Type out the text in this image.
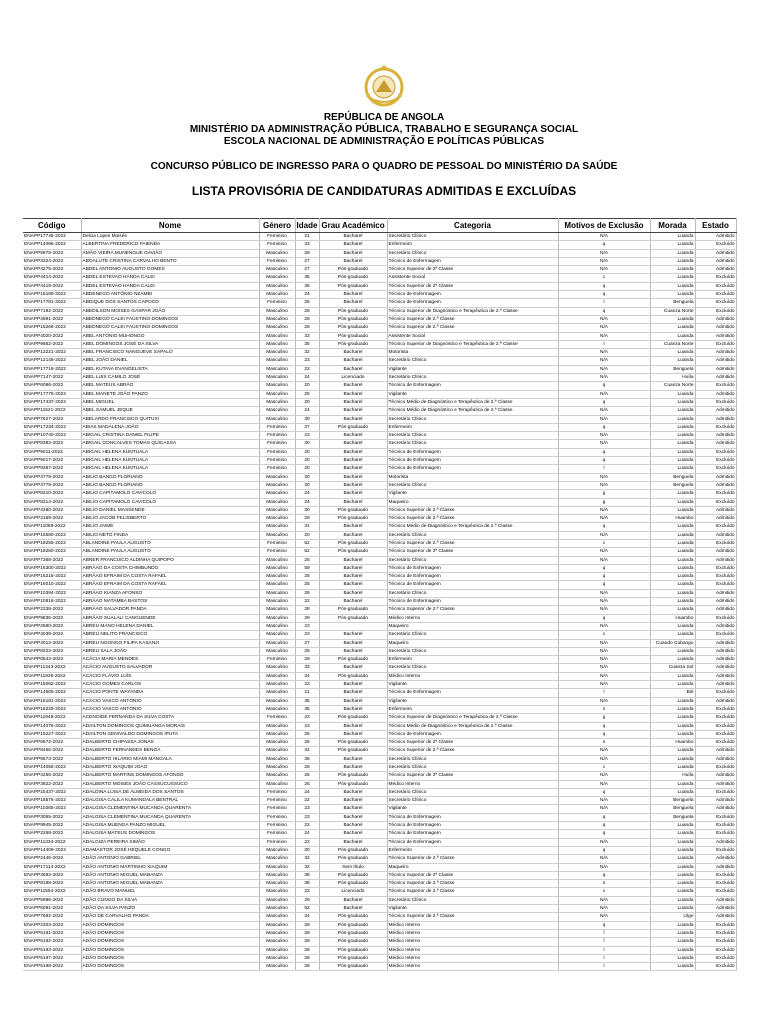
REPÚBLICA DE ANGOLA
MINISTÉRIO DA ADMINISTRAÇÃO PÚBLICA, TRABALHO E SEGURANÇA SOCIAL
ESCOLA NACIONAL DE ADMINISTRAÇÃO E POLÍTICAS PÚBLICAS
CONCURSO PÚBLICO DE INGRESSO PARA O QUADRO DE PESSOAL DO MINISTÉRIO DA SAÚDE
LISTA PROVISÓRIA DE CANDIDATURAS ADMITIDAS E EXCLUÍDAS
Código	Nome	Género	Idade	Grau Académico	Categoria	Motivos de Exclusão	Morada	Estado
ENAPP17745-2022	Delcia Lopes Moisés	Feminino	21	Bacharel	Secretário Clínico	N/A	Luanda	Admitido
ENAPP14086-2022	ALBERTINA FREDERICO FAIENDA	Feminino	33	Bacharel	Enfermeiro	q	Luanda	Excluído
ENAPP9978-2022	AMÃO VIEIRA MUNENGUE GAVIÃO	Masculino	28	Bacharel	Secretário Clínico	N/A	Luanda	Admitido
ENAPP3324-2022	ABOALUTE CRISTINA CARVALHO BENTO	Feminino	27	Bacharel	Técnico de Enfermagem	N/A	Luanda	Admitido
ENAPP4275-2022	ABDEL ANTONIO AUGUSTO GOMES	Masculino	27	Pós-graduado	Técnico Superior de 2ª Classe	N/A	Luanda	Admitido
ENAPP4414-2022	ABDEL ESTEVAO HANDA CALEI	Masculino	35	Pós-graduado	Assistente Social	c	Luanda	Excluído
ENAPP4419-2022	ABDEL ESTEVAO HANDA CALEI	Masculino	35	Pós-graduado	Técnico Superior de 2ª Classe	q	Luanda	Excluído
ENAPP15189-2022	ABDENEGO ANTÓNIO NZAMBI	Masculino	24	Bacharel	Técnico de Enfermagem	q	Luanda	Excluído
ENAPP17781-2022	ABDIQUE DOS SANTOS CAPOCO	Feminino	25	Bacharel	Técnico de Enfermagem	l	Benguela	Excluído
ENAPP7192-2022	ABEDILSON MOISES GASPAR JOÃO	Masculino	28	Pós-graduado	Técnico Superior de Diagnóstico e Terapêutica de 2.ª Classe	q	Cuanza Norte	Excluído
ENAPP4891-2022	ABEDNEGO CALEI FAUSTINO DOMINGOS	Masculino	28	Pós-graduado	Técnico Superior de 2.ª Classe	N/A	Luanda	Admitido
ENAPP15266-2022	ABEDNEGO CALEI FAUSTINO DOMINGOS	Masculino	28	Pós-graduado	Técnico Superior de 2.ª Classe	N/A	Luanda	Admitido
ENAPP4020-2022	ABEL ANTÓNIO MUHONGO	Masculino	33	Pós-graduado	Assistente Social	N/A	Luanda	Admitido
ENAPP9662-2022	ABEL DOMINGOS JOSÉ DA SILVA	Masculino	35	Pós-graduado	Técnico Superior de Diagnóstico e Terapêutica de 2.ª Classe	l	Cuanza Norte	Excluído
ENAPP13221-2022	ABEL FRANCISCO NANGUEVE SAPALO	Masculino	32	Bacharel	Motorista	N/A	Luanda	Admitido
ENAPP12148-2022	ABEL JOÃO DANIEL	Masculino	23	Bacharel	Secretário Clínico	N/A	Luanda	Admitido
ENAPP17718-2022	ABEL KUTAVA EVANGELISTA	Masculino	22	Bacharel	Vigilante	N/A	Benguela	Admitido
ENAPP7147-2022	ABEL LUIS CAMILO JOSÉ	Masculino	24	Licenciado	Secretário Clínico	N/A	Huíla	Admitido
ENAPP6086-2022	ABEL MATEUS ABRÃO	Masculino	20	Bacharel	Técnico de Enfermagem	q	Cuanza Norte	Excluído
ENAPP17776-2022	ABEL MANETE JOÃO PANZO	Masculino	25	Bacharel	Vigilante	N/A	Luanda	Admitido
ENAPP17437-2022	ABEL MIGUEL	Masculino	20	Bacharel	Técnico Médio de Diagnóstico e Terapêutica de 2.ª Classe	q	Luanda	Excluído
ENAPP11521-2022	ABEL SAMUEL JEQUE	Masculino	24	Bacharel	Técnico Médio de Diagnóstico e Terapêutica de 2.ª Classe	N/A	Luanda	Admitido
ENAPP7627-2022	ABELARDO FRANCISCO QUITUXI	Masculino	30	Bacharel	Secretário Clínico	N/A	Luanda	Admitido
ENAPP17234-2022	ABIAS MADALENA JOÃO	Feminino	37	Pós-graduado	Enfermeiro	q	Luanda	Excluído
ENAPP10740-2022	ABIGAIL CRISTINA DANIEL FILIPE	Feminino	23	Bacharel	Secretário Clínico	N/A	Luanda	Admitido
ENAPP8382-2022	ABIGAIL GONCALVES TOMAS QUICASSA	Feminino	30	Bacharel	Secretário Clínico	N/A	Luanda	Admitido
ENAPP9011-2022	ABIGAIL HELENA KUNTUALA	Feminino	20	Bacharel	Técnico de Enfermagem	q	Luanda	Excluído
ENAPP9017-2022	ABIGAIL HELENA KUNTUALA	Feminino	20	Bacharel	Técnico de Enfermagem	q	Luanda	Excluído
ENAPP9367-2022	ABIGAIL HELENA KUNTUALA	Feminino	20	Bacharel	Técnico de Enfermagem	l	Luanda	Excluído
ENAPP3779-2022	ABILIO BANGO FLORIANO	Masculino	30	Bacharel	Motorista	N/A	Benguela	Admitido
ENAPP3779-2022	ABILIO BANGO FLORIANO	Masculino	30	Bacharel	Secretário Clínico	N/A	Benguela	Admitido
ENAPP8310-2022	ABILIO CAPITAMOLO CAVICOLO	Masculino	24	Bacharel	Vigilante	g	Luanda	Excluído
ENAPP8314-2022	ABILIO CAPITAMOLO CAVICOLO	Masculino	24	Bacharel	Maqueiro	g	Luanda	Excluído
ENAPP4280-2022	ABILIO DANIEL MASSENDE	Masculino	30	Pós-graduado	Técnico Superior de 2.ª Classe	N/A	Luanda	Admitido
ENAPP3169-2022	ABILIO JACOB FELISBERTO	Masculino	29	Pós-graduado	Técnico Superior de 2.ª Classe	N/A	Huambo	Admitido
ENAPP11069-2022	ABILIO JAIME	Masculino	31	Bacharel	Técnico Médio de Diagnóstico e Terapêutica de 2.ª Classe	q	Luanda	Excluído
ENAPP15580-2022	ABILIO NETO FINDA	Masculino	20	Bacharel	Secretário Clínico	N/A	Luanda	Admitido
ENAPP18255-2022	ABLANDINE PAULA AUGUSTO	Feminino	52	Pós-graduado	Técnico Superior de 2.ª Classe	c	Luanda	Excluído
ENAPP18260-2022	ABLANDINE PAULA AUGUSTO	Feminino	52	Pós-graduado	Técnico Superior de 2ª Classe	N/A	Luanda	Admitido
ENAPP7368-2022	ABNER FRANCISCO ALDINHA QUIPOPO	Masculino	25	Bacharel	Secretário Clínico	N/A	Luanda	Admitido
ENAPP16300-2022	ABRÃAO DA COSTA CHIMBUNDO	Masculino	59	Bacharel	Técnico de Enfermagem	q	Luanda	Excluído
ENAPP16215-2022	ABRÃAO EFRAIM DA COSTA RAFAEL	Masculino	25	Bacharel	Técnico de Enfermagem	q	Luanda	Excluído
ENAPP16010-2022	ABRÃAO EFRAIM DA COSTA RAFAEL	Masculino	25	Bacharel	Técnico de Enfermagem	q	Luanda	Excluído
ENAPP10394-2022	ABRÃAO KIANZA AFONSO	Masculino	26	Bacharel	Secretário Clínico	N/A	Luanda	Admitido
ENAPP10818-2022	ABRÃAO MATAMBA BASTOS	Masculino	22	Bacharel	Técnico de Enfermagem	N/A	Luanda	Admitido
ENAPP2338-2022	ABRÃAO SALVADOR PANDA	Masculino	28	Pós-graduado	Técnico Superior de 2.ª Classe	N/A	Luanda	Admitido
ENAPP9835-2022	ABRÃAO SUALALI CANGUENDE	Masculino	29	Pós-graduado	Médico Interno	q	Huambo	Excluído
ENAPP2590-2022	ABREU MANO HELENA DANIEL	Masculino	23		Maqueiro	N/A	Luanda	Admitido
ENAPP4039-2022	ABREU NELITO FRANCISCO	Masculino	23	Bacharel	Secretário Clínico	c	Luanda	Excluído
ENAPP4013-2022	ABREU NGONGO FILIPA KASANJI	Masculino	27	Bacharel	Maqueiro	N/A	Cuando Cubango	Admitido
ENAPP8223-2022	ABREU SALA JOÃO	Masculino	25	Bacharel	Secretário Clínico	N/A	Luanda	Admitido
ENAPP6543-2022	ACÁCIA MARIA MENDES	Feminino	28	Pós-graduado	Enfermeiro	N/A	Luanda	Admitido
ENAPP11443-2022	ACÁCIO AUGUSTO SALVADOR	Masculino	33	Bacharel	Secretário Clínico	N/A	Cuanza Sul	Admitido
ENAPP11935-2022	ACÁCIO FLÁVIO LUÍS	Masculino	34	Pós-graduado	Médico Interno	N/A	Luanda	Admitido
ENAPP15062-2022	ACÁCIO GOMES CARLOS	Masculino	23	Bacharel	Vigilante	N/A	Luanda	Admitido
ENAPP14505-2022	ACÁCIO PONTE WAYANDA	Masculino	21	Bacharel	Técnico de Enfermagem	l	Bié	Excluído
ENAPP16181-2022	ACÁCIO VASCO ANTÓNIO	Masculino	35	Bacharel	Vigilante	N/A	Luanda	Admitido
ENAPP16225-2022	ACÁCIO VASCO ANTÓNIO	Masculino	35	Bacharel	Enfermeiro	n	Luanda	Excluído
ENAPP11949-2022	ACENOIDE FERNANDA DA SILVA COSTA	Feminino	23	Pós-graduado	Técnico Superior de Diagnóstico e Terapêutica de 2.ª Classe	g	Luanda	Excluído
ENAPP14076-2022	ADAILTON DOMINGOS QUIMUANGA MORAIS	Masculino	23	Bacharel	Técnico Médio de Diagnóstico e Terapêutica de 2.ª Classe	q	Luanda	Excluído
ENAPP15227-2022	ADAILTON GENIVALDO DOMINGOS IPUTA	Masculino	25	Bacharel	Técnico de Enfermagem	q	Luanda	Excluído
ENAPP6572-2022	ADALBERTO CHIPASSA JONAS	Masculino	26	Pós-graduado	Técnico Superior de 2ª Classe	n	Huambo	Excluído
ENAPP8456-2022	ADALBERTO FERNANDES BENGA	Masculino	32	Pós-graduado	Técnico Superior de 2.ª Classe	N/A	Luanda	Admitido
ENAPP9673-2022	ADALBERTO HILÁRIO MIAMI MANGALA	Masculino	36	Bacharel	Secretário Clínico	N/A	Luanda	Admitido
ENAPP14056-2022	ADALBERTO XIAQUIM JOAO	Masculino	28	Bacharel	Secretário Clínico	c	Luanda	Excluído
ENAPP4255-2022	ADALBERTO MARTINS DOMINGOS AFONSO	Masculino	26	Pós-graduado	Técnico Superior de 2ª Classe	N/A	Huíla	Admitido
ENAPP3822-2022	ADALBERTO MOISÉS JOÃO CASSUCUSSUCO	Masculino	26	Pós-graduado	Médico Interno	N/A	Luanda	Admitido
ENAPP15437-2022	ADALDINA LUISA DE ALMEIDA DOS SANTOS	Feminino	24	Bacharel	Secretário Clínico	q	Luanda	Excluído
ENAPP18576-2022	ADALGISA CALILA KUMANDALA BENTRAL	Feminino	22	Bacharel	Secretário Clínico	N/A	Benguela	Admitido
ENAPP10265-2022	ADALGISA CLEMENTINA MUCANDA QUARENTA	Feminino	23	Bacharel	Vigilante	N/A	Benguela	Admitido
ENAPP3055-2022	ADALGISA CLEMENTINA MUCANDA QUARENTA	Feminino	23	Bacharel	Técnico de Enfermagem	q	Benguela	Excluído
ENAPP9945-2022	ADALGISA MUENGA PANZO MIGUEL	Feminino	22	Bacharel	Técnico de Enfermagem	q	Luanda	Excluído
ENAPP2268-2022	ADALGISA MATEUS DOMINGOS	Feminino	24	Bacharel	Técnico de Enfermagem	q	Luanda	Excluído
ENAPP11334-2022	ADALGIZA PEREIRA SIMÃO	Feminino	22	Bacharel	Técnico de Enfermagem	N/A	Luanda	Admitido
ENAPP14409-2022	ADAMASTOR JOSÉ HEQUELE CONGO	Masculino	30	Pós-graduado	Enfermeiro	q	Luanda	Excluído
ENAPP2446-2022	ADÃO ANTONIO GABRIEL	Masculino	32	Pós-graduado	Técnico Superior de 2.ª Classe	N/A	Luanda	Admitido
ENAPP17114-2022	ADÃO ANTONIO MARTINHO XIAQUIM	Masculino	32	Sem título	Maqueiro	N/A	Luanda	Admitido
ENAPP3693-2022	ADÃO ANTONIO MIGUEL MABANZA	Masculino	38	Pós-graduado	Técnico Superior de 2ª Classe	q	Luanda	Excluído
ENAPP8188-2022	ADÃO ANTONIO MIGUEL MABANZA	Masculino	38	Pós-graduado	Técnico Superior de 2.ª Classe	n	Luanda	Excluído
ENAPP11554-2022	ADÃO BRAVO MANUEL	Masculino	22	Licenciado	Técnico Superior de 2.ª Classe	c	Luanda	Excluído
ENAPP5986-2022	ADÃO CUNGO DA SILVA	Masculino	29	Bacharel	Secretário Clínico	N/A	Luanda	Admitido
ENAPP6091-2022	ADÃO DA SILVA PANZO	Masculino	52	Bacharel	Vigilante	N/A	Luanda	Admitido
ENAPP7692-2022	ADÃO DE CARVALHO PANDA	Masculino	34	Pós-graduado	Técnico Superior de 2.ª Classe	N/A	Uíge	Admitido
ENAPP2303-2022	ADÃO DOMINGOS	Masculino	28	Pós-graduado	Médico Interno	q	Luanda	Excluído
ENAPP5191-2022	ADÃO DOMINGOS	Masculino	28	Pós-graduado	Médico Interno	l	Luanda	Excluído
ENAPP5192-2022	ADÃO DOMINGOS	Masculino	28	Pós-graduado	Médico Interno	l	Luanda	Excluído
ENAPP5193-2022	ADÃO DOMINGOS	Masculino	28	Pós-graduado	Médico Interno	l	Luanda	Excluído
ENAPP5197-2022	ADÃO DOMINGOS	Masculino	28	Pós-graduado	Médico Interno	l	Luanda	Excluído
ENAPP5198-2022	ADÃO DOMINGOS	Masculino	28	Pós-graduado	Médico Interno	l	Luanda	Excluído
